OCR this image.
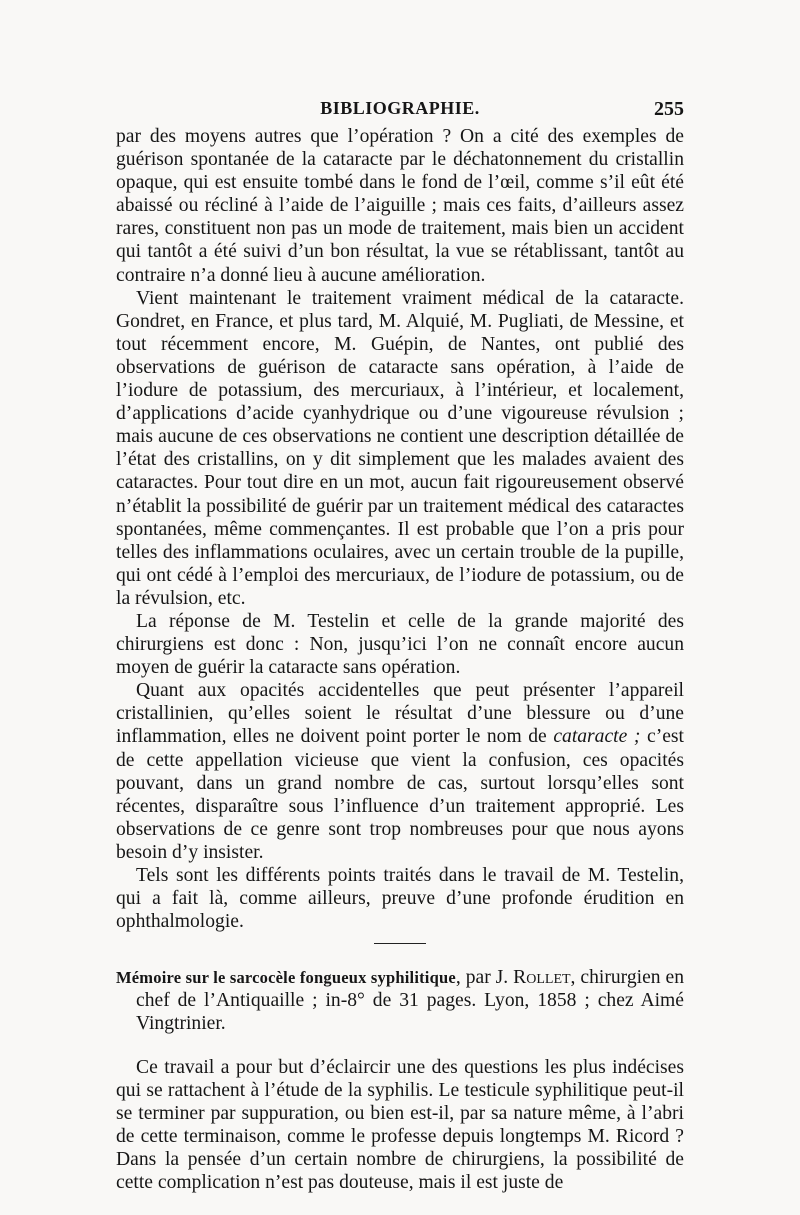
BIBLIOGRAPHIE.	255

par des moyens autres que l’opération ? On a cité des exemples de guérison spontanée de la cataracte par le déchatonnement du cristallin opaque, qui est ensuite tombé dans le fond de l’œil, comme s’il eût été abaissé ou récliné à l’aide de l’aiguille ; mais ces faits, d’ailleurs assez rares, constituent non pas un mode de traitement, mais bien un accident qui tantôt a été suivi d’un bon résultat, la vue se rétablissant, tantôt au contraire n’a donné lieu à aucune amélioration.

Vient maintenant le traitement vraiment médical de la cataracte. Gondret, en France, et plus tard, M. Alquié, M. Pugliati, de Messine, et tout récemment encore, M. Guépin, de Nantes, ont publié des observations de guérison de cataracte sans opération, à l’aide de l’iodure de potassium, des mercuriaux, à l’intérieur, et localement, d’applications d’acide cyanhydrique ou d’une vigoureuse révulsion ; mais aucune de ces observations ne contient une description détaillée de l’état des cristallins, on y dit simplement que les malades avaient des cataractes. Pour tout dire en un mot, aucun fait rigoureusement observé n’établit la possibilité de guérir par un traitement médical des cataractes spontanées, même commençantes. Il est probable que l’on a pris pour telles des inflammations oculaires, avec un certain trouble de la pupille, qui ont cédé à l’emploi des mercuriaux, de l’iodure de potassium, ou de la révulsion, etc.

La réponse de M. Testelin et celle de la grande majorité des chirurgiens est donc : Non, jusqu’ici l’on ne connaît encore aucun moyen de guérir la cataracte sans opération.

Quant aux opacités accidentelles que peut présenter l’appareil cristallinien, qu’elles soient le résultat d’une blessure ou d’une inflammation, elles ne doivent point porter le nom de cataracte ; c’est de cette appellation vicieuse que vient la confusion, ces opacités pouvant, dans un grand nombre de cas, surtout lorsqu’elles sont récentes, disparaître sous l’influence d’un traitement approprié. Les observations de ce genre sont trop nombreuses pour que nous ayons besoin d’y insister.

Tels sont les différents points traités dans le travail de M. Testelin, qui a fait là, comme ailleurs, preuve d’une profonde érudition en ophthalmologie.

Mémoire sur le sarcocèle fongueux syphilitique, par J. Rollet, chirurgien en chef de l’Antiquaille ; in-8° de 31 pages. Lyon, 1858 ; chez Aimé Vingtrinier.

Ce travail a pour but d’éclaircir une des questions les plus indécises qui se rattachent à l’étude de la syphilis. Le testicule syphilitique peut-il se terminer par suppuration, ou bien est-il, par sa nature même, à l’abri de cette terminaison, comme le professe depuis longtemps M. Ricord ? Dans la pensée d’un certain nombre de chirurgiens, la possibilité de cette complication n’est pas douteuse, mais il est juste de
